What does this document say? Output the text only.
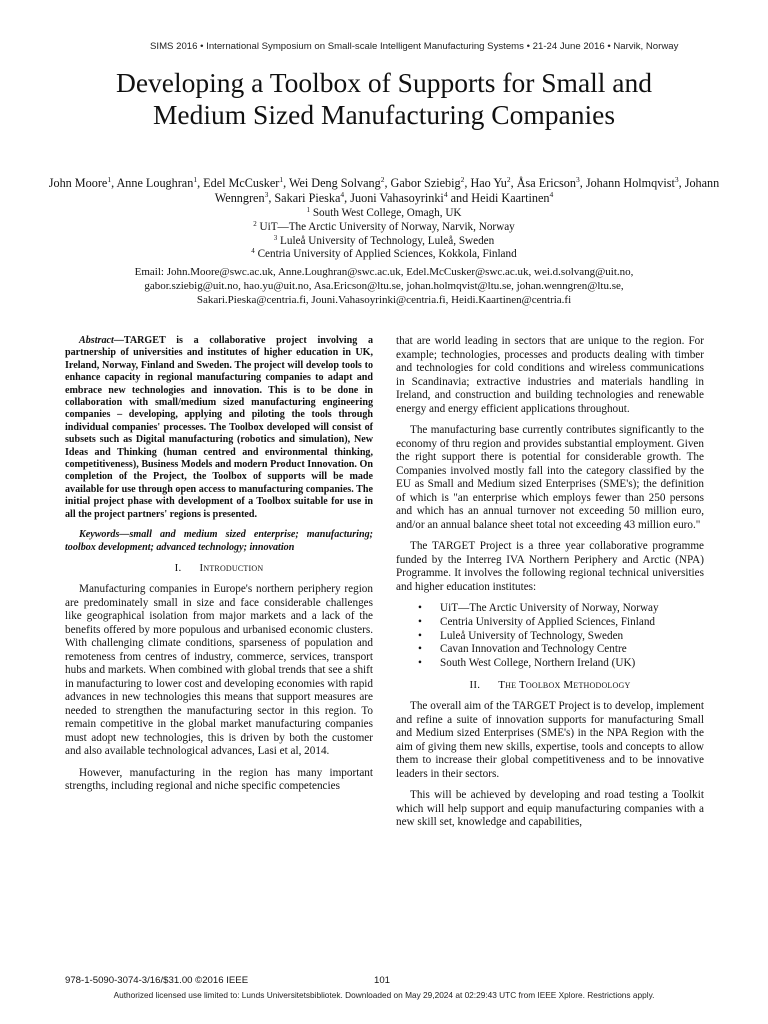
SIMS 2016 • International Symposium on Small-scale Intelligent Manufacturing Systems • 21-24 June 2016 • Narvik, Norway
Developing a Toolbox of Supports for Small and
Medium Sized Manufacturing Companies
John Moore$^1$, Anne Loughran$^1$, Edel McCusker$^1$, Wei Deng Solvang$^2$, Gabor Sziebig$^2$, Hao Yu$^2$, Åsa Ericson$^3$, Johann Holmqvist$^3$, Johann Wenngren$^3$, Sakari Pieska$^4$, Juoni Vahasoyrinki$^4$ and Heidi Kaartinen$^4$
$^1$ South West College, Omagh, UK
$^2$ UiT—The Arctic University of Norway, Narvik, Norway
$^3$ Luleå University of Technology, Luleå, Sweden
$^4$ Centria University of Applied Sciences, Kokkola, Finland
Email: John.Moore@swc.ac.uk, Anne.Loughran@swc.ac.uk, Edel.McCusker@swc.ac.uk, wei.d.solvang@uit.no,
gabor.sziebig@uit.no, hao.yu@uit.no, Asa.Ericson@ltu.se, johan.holmqvist@ltu.se, johan.wenngren@ltu.se,
Sakari.Pieska@centria.fi, Jouni.Vahasoyrinki@centria.fi, Heidi.Kaartinen@centria.fi

Abstract—TARGET is a collaborative project involving a partnership of universities and institutes of higher education in UK, Ireland, Norway, Finland and Sweden. The project will develop tools to enhance capacity in regional manufacturing companies to adapt and embrace new technologies and innovation. This is to be done in collaboration with small/medium sized manufacturing engineering companies – developing, applying and piloting the tools through individual companies' processes. The Toolbox developed will consist of subsets such as Digital manufacturing (robotics and simulation), New Ideas and Thinking (human centred and environmental thinking, competitiveness), Business Models and modern Product Innovation. On completion of the Project, the Toolbox of supports will be made available for use through open access to manufacturing companies. The initial project phase with development of a Toolbox suitable for use in all the project partners' regions is presented.

Keywords—small and medium sized enterprise; manufacturing; toolbox development; advanced technology; innovation

I. Introduction

Manufacturing companies in Europe's northern periphery region are predominately small in size and face considerable challenges like geographical isolation from major markets and a lack of the benefits offered by more populous and urbanised economic clusters. With challenging climate conditions, sparseness of population and remoteness from centres of industry, commerce, services, transport hubs and markets. When combined with global trends that see a shift in manufacturing to lower cost and developing economies with rapid advances in new technologies this means that support measures are needed to strengthen the manufacturing sector in this region. To remain competitive in the global market manufacturing companies must adopt new technologies, this is driven by both the customer and also available technological advances, Lasi et al, 2014.

However, manufacturing in the region has many important strengths, including regional and niche specific competencies

that are world leading in sectors that are unique to the region. For example; technologies, processes and products dealing with timber and technologies for cold conditions and wireless communications in Scandinavia; extractive industries and materials handling in Ireland, and construction and building technologies and renewable energy and energy efficient applications throughout.

The manufacturing base currently contributes significantly to the economy of thru region and provides substantial employment. Given the right support there is potential for considerable growth. The Companies involved mostly fall into the category classified by the EU as Small and Medium sized Enterprises (SME's); the definition of which is "an enterprise which employs fewer than 250 persons and which has an annual turnover not exceeding 50 million euro, and/or an annual balance sheet total not exceeding 43 million euro."

The TARGET Project is a three year collaborative programme funded by the Interreg IVA Northern Periphery and Arctic (NPA) Programme. It involves the following regional technical universities and higher education institutes:

• UiT—The Arctic University of Norway, Norway
• Centria University of Applied Sciences, Finland
• Luleå University of Technology, Sweden
• Cavan Innovation and Technology Centre
• South West College, Northern Ireland (UK)

II. The Toolbox Methodology

The overall aim of the TARGET Project is to develop, implement and refine a suite of innovation supports for manufacturing Small and Medium sized Enterprises (SME's) in the NPA Region with the aim of giving them new skills, expertise, tools and concepts to allow them to increase their global competitiveness and to be innovative leaders in their sectors.

This will be achieved by developing and road testing a Toolkit which will help support and equip manufacturing companies with a new skill set, knowledge and capabilities,

978-1-5090-3074-3/16/$31.00 ©2016 IEEE	101
Authorized licensed use limited to: Lunds Universitetsbibliotek. Downloaded on May 29,2024 at 02:29:43 UTC from IEEE Xplore. Restrictions apply.
